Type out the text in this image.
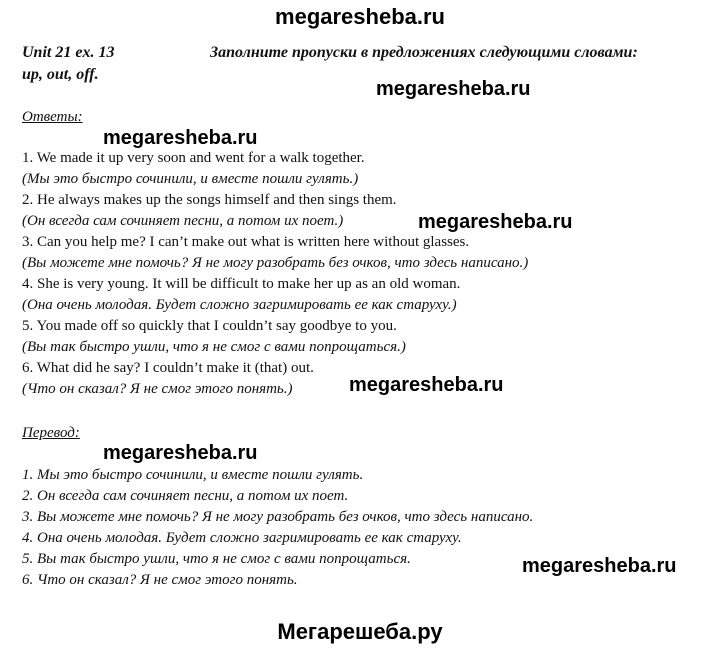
megaresheba.ru
Unit 21 ex. 13	Заполните пропуски в предложениях следующими словами:
up, out, off.
megaresheba.ru
Ответы:
megaresheba.ru
1. We made it up very soon and went for a walk together.
(Мы это быстро сочинили, и вместе пошли гулять.)
2. He always makes up the songs himself and then sings them.
(Он всегда сам сочиняет песни, а потом их поет.)
3. Can you help me? I can’t make out what is written here without glasses.
(Вы можете мне помочь? Я не могу разобрать без очков, что здесь написано.)
4. She is very young. It will be difficult to make her up as an old woman.
(Она очень молодая. Будет сложно загримировать ее как старуху.)
5. You made off so quickly that I couldn’t say goodbye to you.
(Вы так быстро ушли, что я не смог с вами попрощаться.)
6. What did he say? I couldn’t make it (that) out.
(Что он сказал? Я не смог этого понять.)
megaresheba.ru
megaresheba.ru
Перевод:
megaresheba.ru
1. Мы это быстро сочинили, и вместе пошли гулять.
2. Он всегда сам сочиняет песни, а потом их поет.
3. Вы можете мне помочь? Я не могу разобрать без очков, что здесь написано.
4. Она очень молодая. Будет сложно загримировать ее как старуху.
5. Вы так быстро ушли, что я не смог с вами попрощаться.
6. Что он сказал? Я не смог этого понять.
megaresheba.ru
Мегарешеба.ру
